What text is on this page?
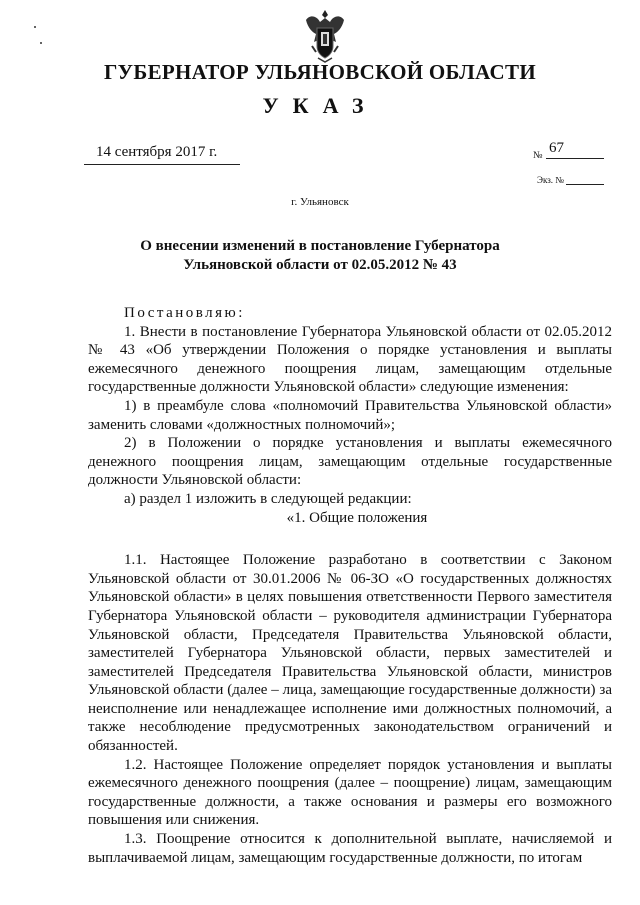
ГУБЕРНАТОР УЛЬЯНОВСКОЙ ОБЛАСТИ
УКАЗ
14 сентября 2017 г.	№ 67
Экз. №
г. Ульяновск
О внесении изменений в постановление Губернатора
Ульяновской области от 02.05.2012 № 43

Постановляю:

1. Внести в постановление Губернатора Ульяновской области от 02.05.2012 № 43 «Об утверждении Положения о порядке установления и выплаты ежемесячного денежного поощрения лицам, замещающим отдельные государственные должности Ульяновской области» следующие изменения:

1) в преамбуле слова «полномочий Правительства Ульяновской области» заменить словами «должностных полномочий»;

2) в Положении о порядке установления и выплаты ежемесячного денежного поощрения лицам, замещающим отдельные государственные должности Ульяновской области:

а) раздел 1 изложить в следующей редакции:

«1. Общие положения

1.1. Настоящее Положение разработано в соответствии с Законом Ульяновской области от 30.01.2006 № 06-ЗО «О государственных должностях Ульяновской области» в целях повышения ответственности Первого заместителя Губернатора Ульяновской области – руководителя администрации Губернатора Ульяновской области, Председателя Правительства Ульяновской области, заместителей Губернатора Ульяновской области, первых заместителей и заместителей Председателя Правительства Ульяновской области, министров Ульяновской области (далее – лица, замещающие государственные должности) за неисполнение или ненадлежащее исполнение ими должностных полномочий, а также несоблюдение предусмотренных законодательством ограничений и обязанностей.

1.2. Настоящее Положение определяет порядок установления и выплаты ежемесячного денежного поощрения (далее – поощрение) лицам, замещающим государственные должности, а также основания и размеры его возможного повышения или снижения.

1.3. Поощрение относится к дополнительной выплате, начисляемой и выплачиваемой лицам, замещающим государственные должности, по итогам
